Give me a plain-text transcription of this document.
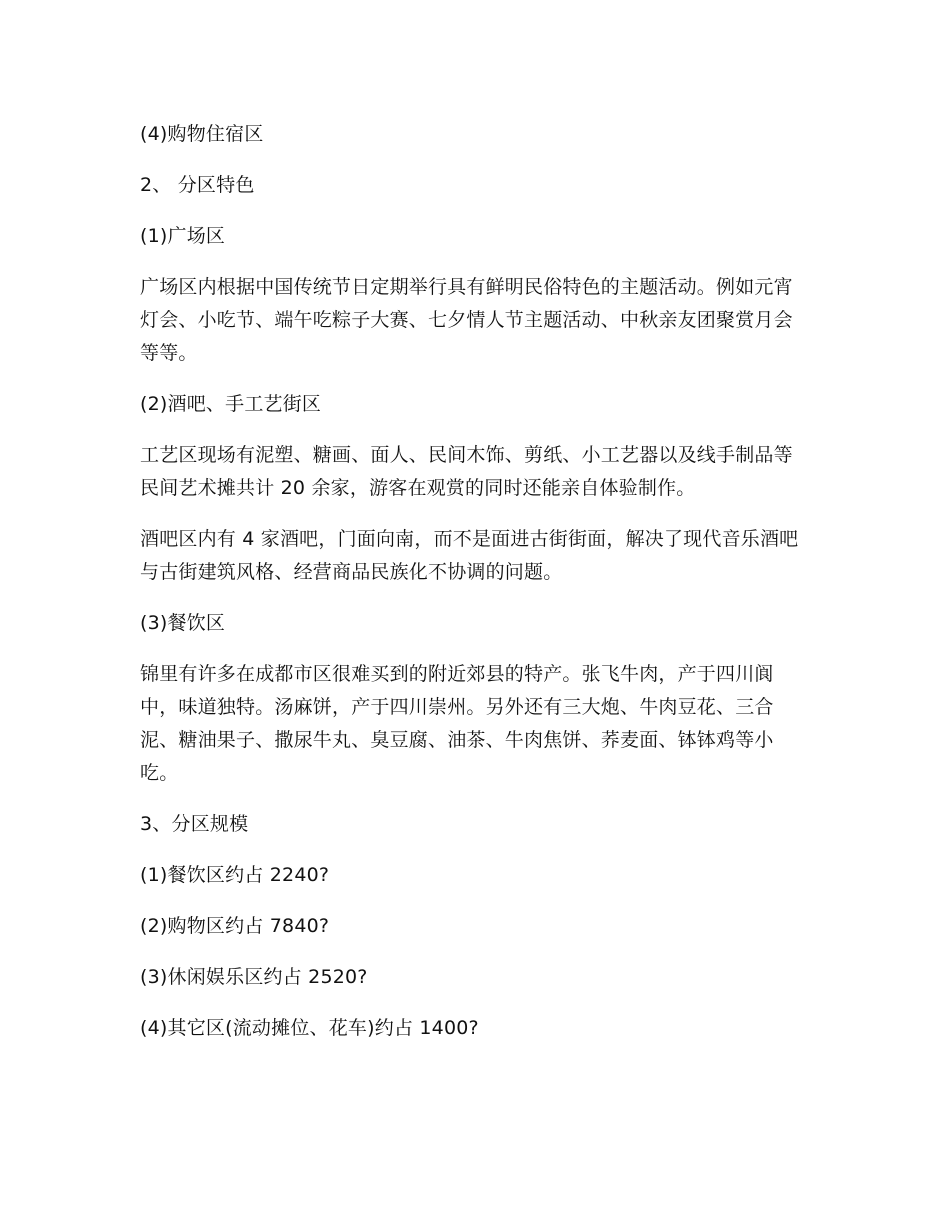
(4)购物住宿区

2、 分区特色

(1)广场区

广场区内根据中国传统节日定期举行具有鲜明民俗特色的主题活动。例如元宵灯会、小吃节、端午吃粽子大赛、七夕情人节主题活动、中秋亲友团聚赏月会等等。

(2)酒吧、手工艺街区

工艺区现场有泥塑、糖画、面人、民间木饰、剪纸、小工艺器以及线手制品等民间艺术摊共计 20 余家，游客在观赏的同时还能亲自体验制作。

酒吧区内有 4 家酒吧，门面向南，而不是面进古街街面，解决了现代音乐酒吧与古街建筑风格、经营商品民族化不协调的问题。

(3)餐饮区

锦里有许多在成都市区很难买到的附近郊县的特产。张飞牛肉，产于四川阆中，味道独特。汤麻饼，产于四川崇州。另外还有三大炮、牛肉豆花、三合泥、糖油果子、撒尿牛丸、臭豆腐、油茶、牛肉焦饼、荞麦面、钵钵鸡等小吃。

3、分区规模

(1)餐饮区约占 2240?

(2)购物区约占 7840?

(3)休闲娱乐区约占 2520?

(4)其它区(流动摊位、花车)约占 1400?
